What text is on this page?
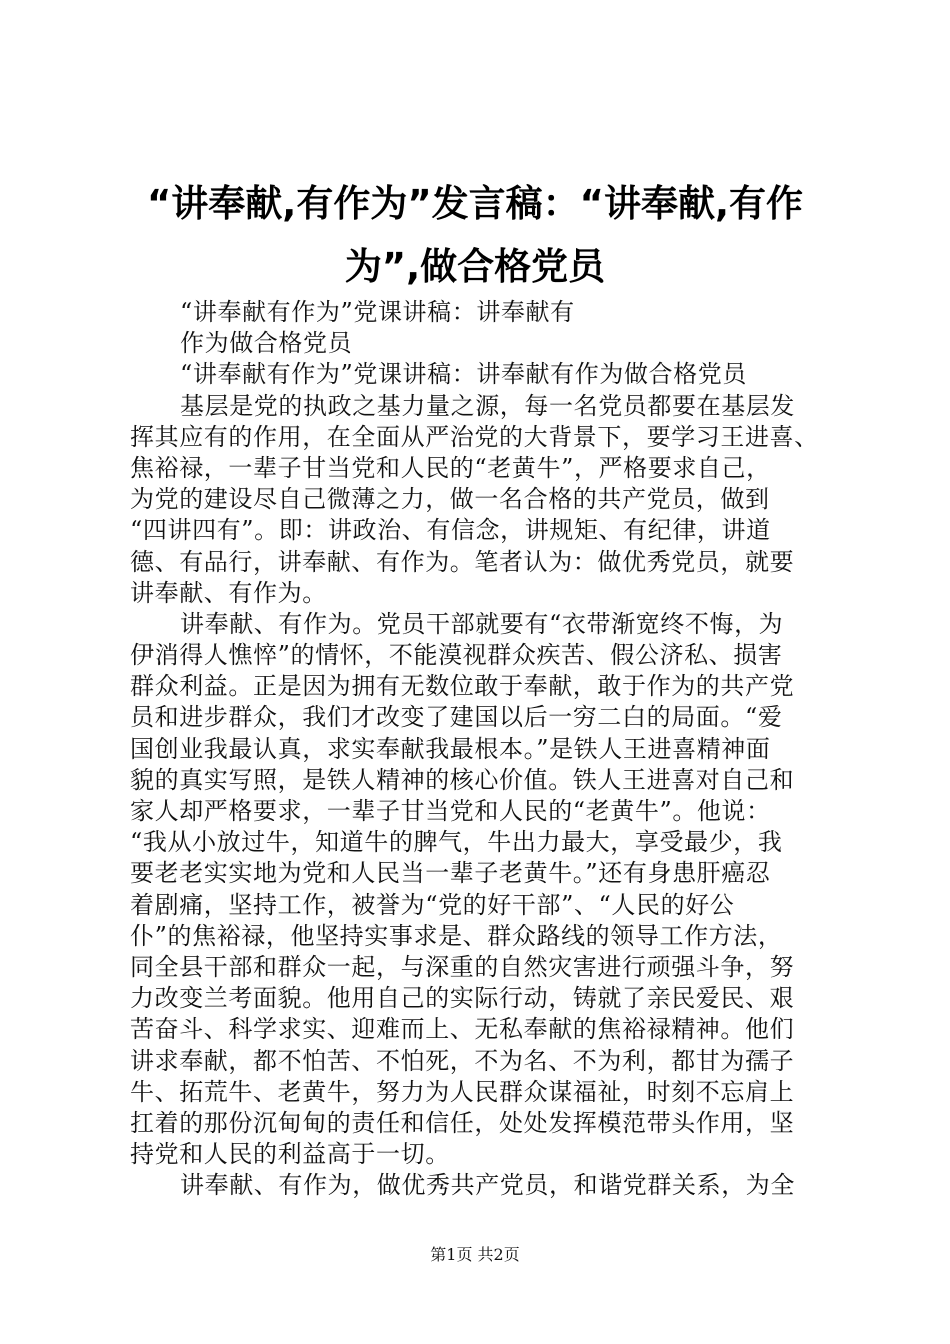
“讲奉献,有作为”发言稿：“讲奉献,有作
为”,做合格党员
“讲奉献有作为”党课讲稿：讲奉献有
作为做合格党员
“讲奉献有作为”党课讲稿：讲奉献有作为做合格党员
基层是党的执政之基力量之源，每一名党员都要在基层发
挥其应有的作用，在全面从严治党的大背景下，要学习王进喜、
焦裕禄，一辈子甘当党和人民的“老黄牛”，严格要求自己，
为党的建设尽自己微薄之力，做一名合格的共产党员，做到
“四讲四有”。即：讲政治、有信念，讲规矩、有纪律，讲道
德、有品行，讲奉献、有作为。笔者认为：做优秀党员，就要
讲奉献、有作为。
讲奉献、有作为。党员干部就要有“衣带渐宽终不悔，为
伊消得人憔悴”的情怀，不能漠视群众疾苦、假公济私、损害
群众利益。正是因为拥有无数位敢于奉献，敢于作为的共产党
员和进步群众，我们才改变了建国以后一穷二白的局面。“爱
国创业我最认真，求实奉献我最根本。”是铁人王进喜精神面
貌的真实写照，是铁人精神的核心价值。铁人王进喜对自己和
家人却严格要求，一辈子甘当党和人民的“老黄牛”。他说：
“我从小放过牛，知道牛的脾气，牛出力最大，享受最少，我
要老老实实地为党和人民当一辈子老黄牛。”还有身患肝癌忍
着剧痛，坚持工作，被誉为“党的好干部”、“人民的好公
仆”的焦裕禄，他坚持实事求是、群众路线的领导工作方法，
同全县干部和群众一起，与深重的自然灾害进行顽强斗争，努
力改变兰考面貌。他用自己的实际行动，铸就了亲民爱民、艰
苦奋斗、科学求实、迎难而上、无私奉献的焦裕禄精神。他们
讲求奉献，都不怕苦、不怕死，不为名、不为利，都甘为孺子
牛、拓荒牛、老黄牛，努力为人民群众谋福祉，时刻不忘肩上
扛着的那份沉甸甸的责任和信任，处处发挥模范带头作用，坚
持党和人民的利益高于一切。
讲奉献、有作为，做优秀共产党员，和谐党群关系，为全
第1页 共2页
